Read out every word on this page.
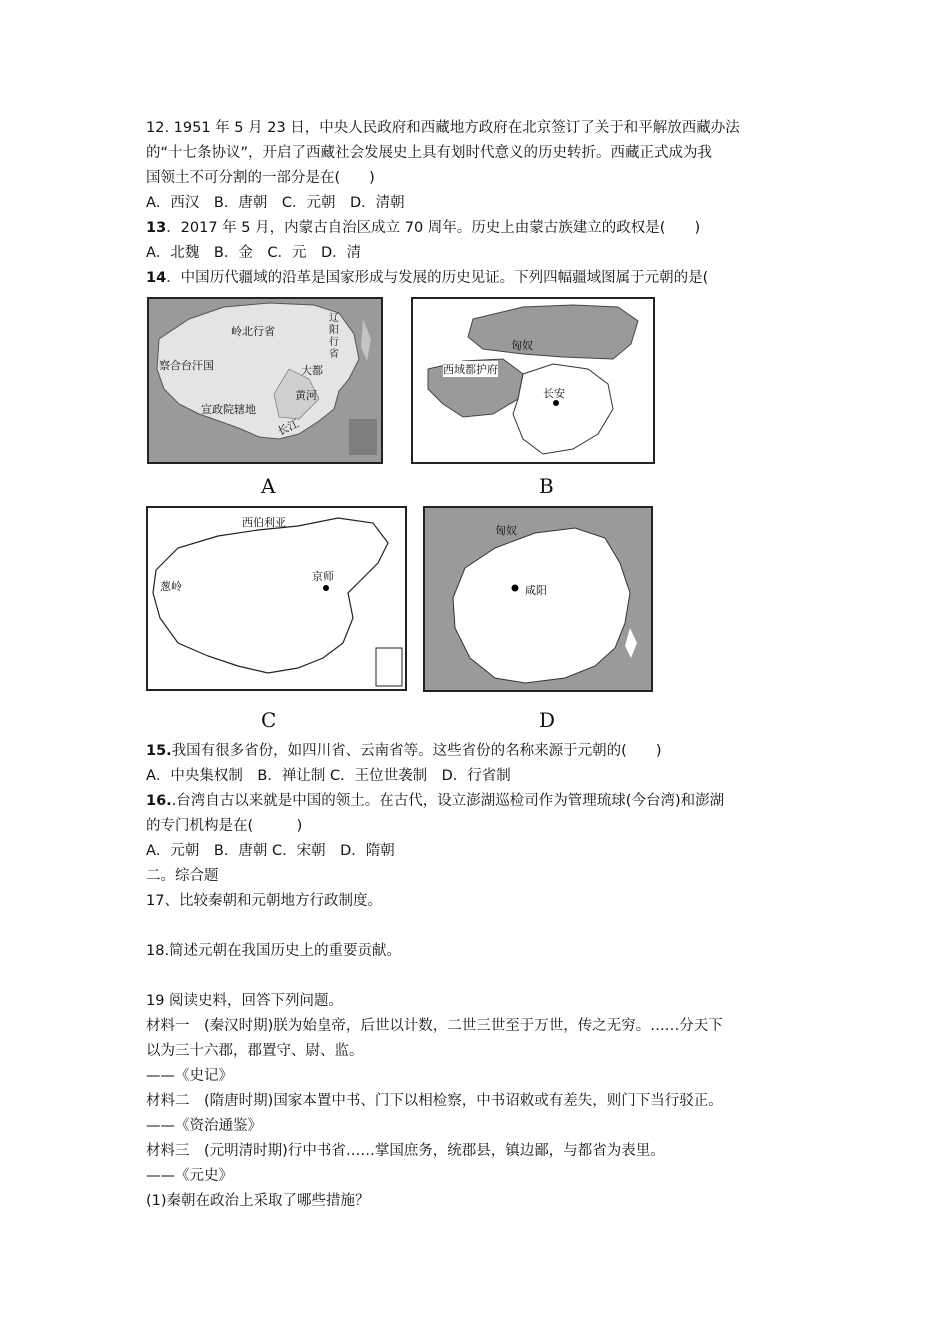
12. 1951 年 5 月 23 日，中央人民政府和西藏地方政府在北京签订了关于和平解放西藏办法
的“十七条协议”，开启了西藏社会发展史上具有划时代意义的历史转折。西藏正式成为我
国领土不可分割的一部分是在(　　)
A．西汉　B．唐朝　C．元朝　D．清朝
13．2017 年 5 月，内蒙古自治区成立 70 周年。历史上由蒙古族建立的政权是(　　)
A．北魏　B．金　C．元　D．清
14．中国历代疆域的沿革是国家形成与发展的历史见证。下列四幅疆域图属于元朝的是(
岭北行省
辽阳行省
察合台汗国	大都
黄河
宣政院辖地
长江
A
匈奴
西域都护府
长安
B
西伯利亚
葱岭
京师
C
匈奴
咸阳
D
15.我国有很多省份，如四川省、云南省等。这些省份的名称来源于元朝的(　　)
A．中央集权制　B．禅让制 C．王位世袭制　D．行省制
16..台湾自古以来就是中国的领土。在古代，设立澎湖巡检司作为管理琉球(今台湾)和澎湖
的专门机构是在(　　　)
A．元朝　B．唐朝 C．宋朝　D．隋朝
二。综合题
17、比较秦朝和元朝地方行政制度。
18.简述元朝在我国历史上的重要贡献。
19 阅读史料，回答下列问题。
材料一　(秦汉时期)朕为始皇帝，后世以计数，二世三世至于万世，传之无穷。……分天下
以为三十六郡，郡置守、尉、监。
——《史记》
材料二　(隋唐时期)国家本置中书、门下以相检察，中书诏敕或有差失，则门下当行驳正。
——《资治通鉴》
材料三　(元明清时期)行中书省……掌国庶务，统郡县，镇边鄙，与都省为表里。
——《元史》
(1)秦朝在政治上采取了哪些措施？
